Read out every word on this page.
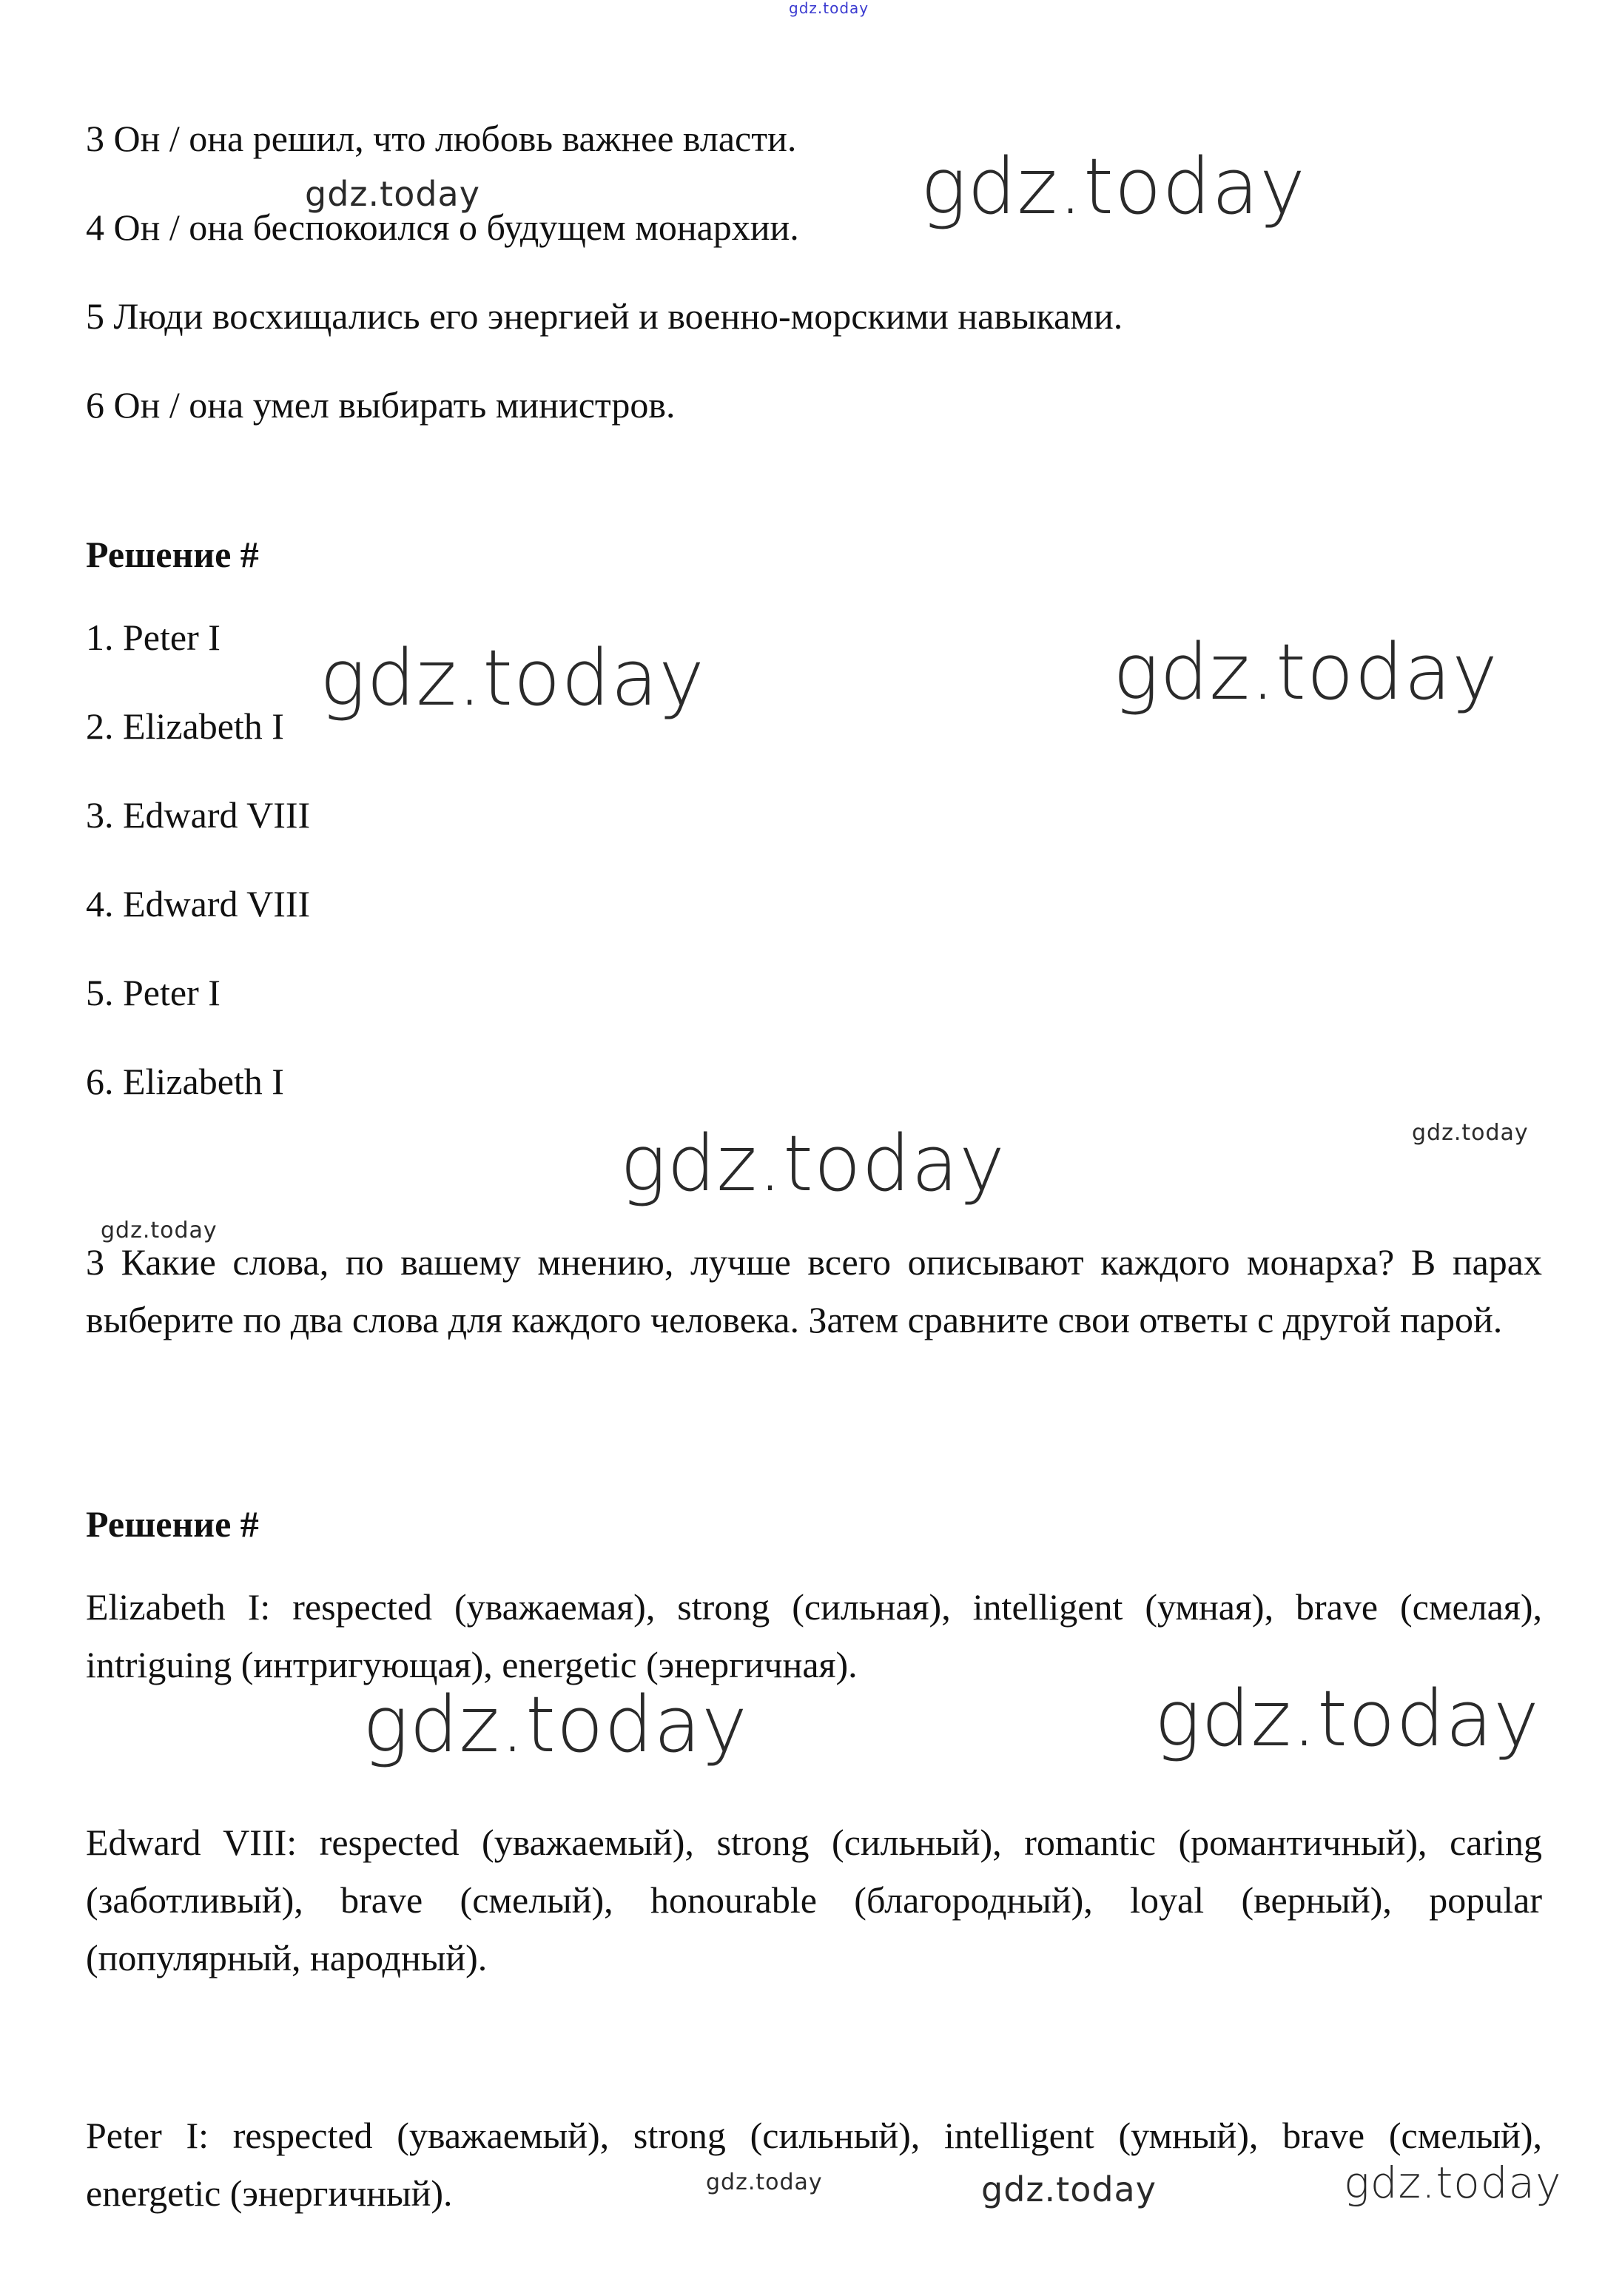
gdz.today

3 Он / она решил, что любовь важнее власти.

4 Он / она беспокоился о будущем монархии.

5 Люди восхищались его энергией и военно-морскими навыками.

6 Он / она умел выбирать министров.

gdz.today	gdz.today

Решение #

1. Peter I

2. Elizabeth I

3. Edward VIII

4. Edward VIII

5. Peter I

6. Elizabeth I

gdz.today	gdz.today
gdz.today	gdz.today
gdz.today

3 Какие слова, по вашему мнению, лучше всего описывают каждого монарха? В парах выберите по два слова для каждого человека. Затем сравните свои ответы с другой парой.

Решение #

Elizabeth I: respected (уважаемая), strong (сильная), intelligent (умная), brave (смелая), intriguing (интригующая), energetic (энергичная).

gdz.today	gdz.today

Edward VIII: respected (уважаемый), strong (сильный), romantic (романтичный), caring (заботливый), brave (смелый), honourable (благородный), loyal (верный), popular (популярный, народный).

Peter I: respected (уважаемый), strong (сильный), intelligent (умный), brave (смелый), energetic (энергичный).	gdz.today	gdz.today	gdz.today
